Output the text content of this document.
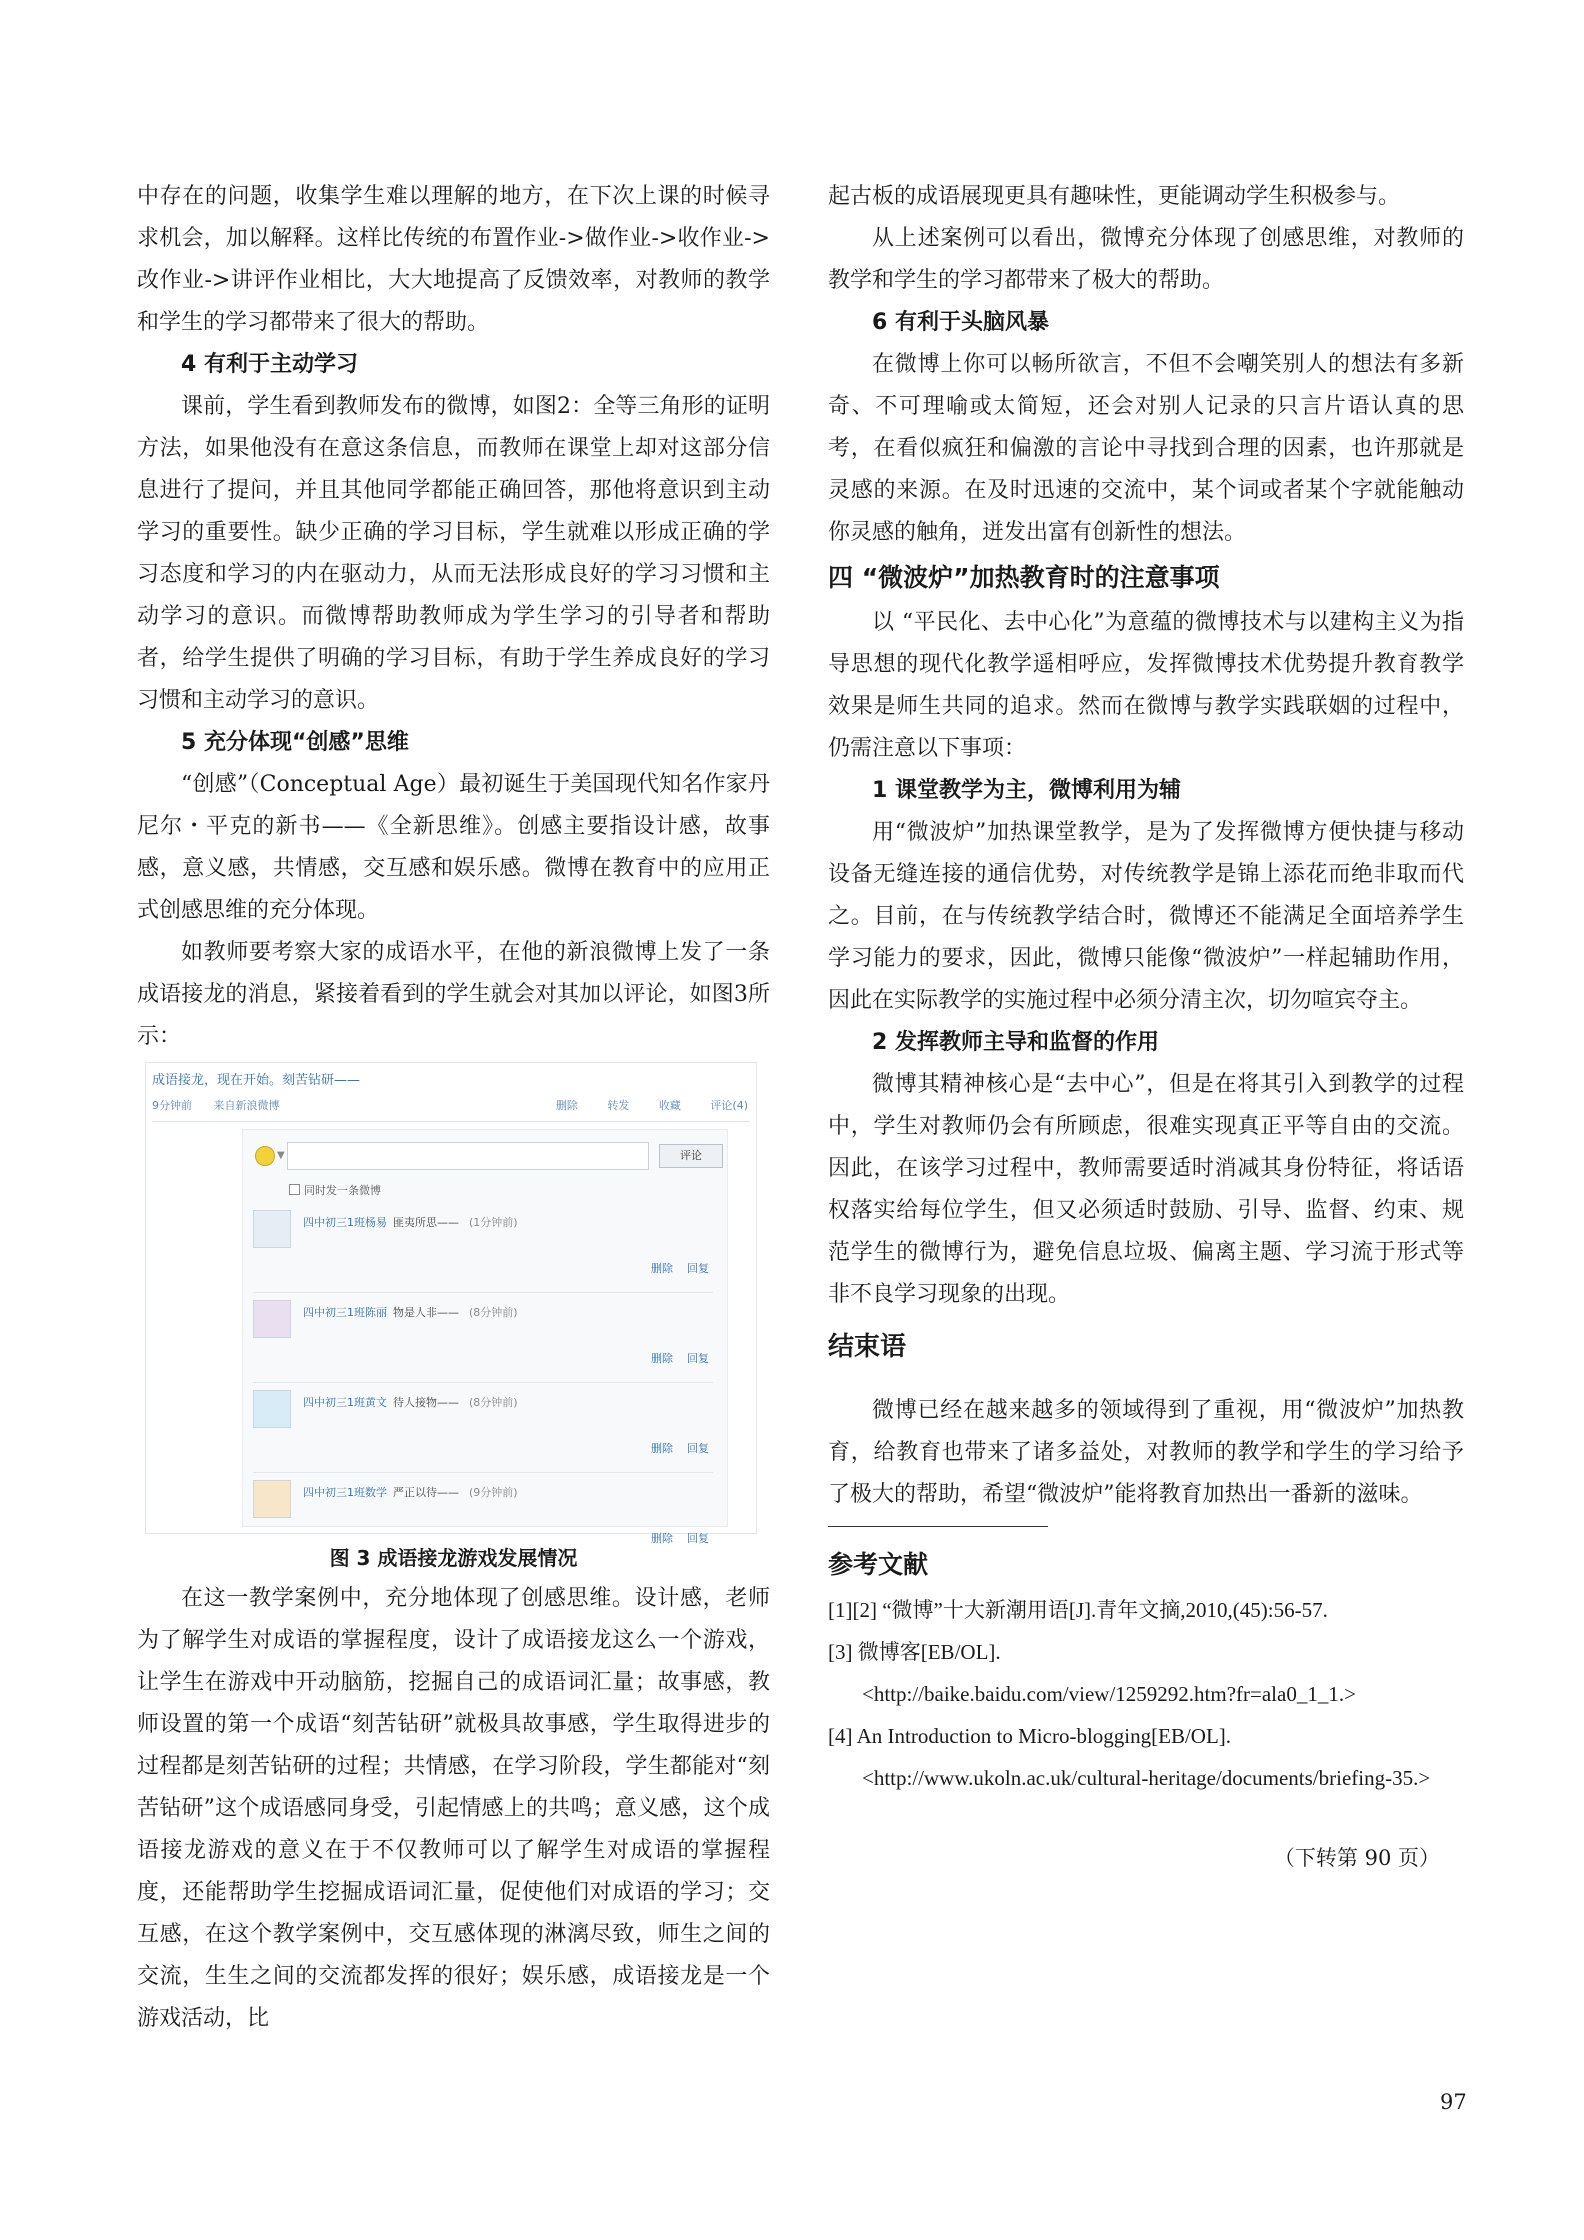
中存在的问题，收集学生难以理解的地方，在下次上课的时候寻求机会，加以解释。这样比传统的布置作业->做作业->收作业->改作业->讲评作业相比，大大地提高了反馈效率，对教师的教学和学生的学习都带来了很大的帮助。

4 有利于主动学习

课前，学生看到教师发布的微博，如图2：全等三角形的证明方法，如果他没有在意这条信息，而教师在课堂上却对这部分信息进行了提问，并且其他同学都能正确回答，那他将意识到主动学习的重要性。缺少正确的学习目标，学生就难以形成正确的学习态度和学习的内在驱动力，从而无法形成良好的学习习惯和主动学习的意识。而微博帮助教师成为学生学习的引导者和帮助者，给学生提供了明确的学习目标，有助于学生养成良好的学习习惯和主动学习的意识。

5 充分体现“创感”思维

“创感”（Conceptual Age）最初诞生于美国现代知名作家丹尼尔・平克的新书——《全新思维》。创感主要指设计感，故事感，意义感，共情感，交互感和娱乐感。微博在教育中的应用正式创感思维的充分体现。

如教师要考察大家的成语水平，在他的新浪微博上发了一条成语接龙的消息，紧接着看到的学生就会对其加以评论，如图3所示：

成语接龙，现在开始。刻苦钻研——
9分钟前 来自新浪微博	删除	转发	收藏	评论(4)
▼	评论
同时发一条微博
四中初三1班杨易 匪夷所思—— (1分钟前)
删除 回复
四中初三1班陈丽 物是人非—— (8分钟前)
删除 回复
四中初三1班黄文 待人接物—— (8分钟前)
删除 回复
四中初三1班数学 严正以待—— (9分钟前)
删除 回复

图 3 成语接龙游戏发展情况

在这一教学案例中，充分地体现了创感思维。设计感，老师为了解学生对成语的掌握程度，设计了成语接龙这么一个游戏，让学生在游戏中开动脑筋，挖掘自己的成语词汇量；故事感，教师设置的第一个成语“刻苦钻研”就极具故事感，学生取得进步的过程都是刻苦钻研的过程；共情感，在学习阶段，学生都能对“刻苦钻研”这个成语感同身受，引起情感上的共鸣；意义感，这个成语接龙游戏的意义在于不仅教师可以了解学生对成语的掌握程度，还能帮助学生挖掘成语词汇量，促使他们对成语的学习；交互感，在这个教学案例中，交互感体现的淋漓尽致，师生之间的交流，生生之间的交流都发挥的很好；娱乐感，成语接龙是一个游戏活动，比

起古板的成语展现更具有趣味性，更能调动学生积极参与。

从上述案例可以看出，微博充分体现了创感思维，对教师的教学和学生的学习都带来了极大的帮助。

6 有利于头脑风暴

在微博上你可以畅所欲言，不但不会嘲笑别人的想法有多新奇、不可理喻或太简短，还会对别人记录的只言片语认真的思考，在看似疯狂和偏激的言论中寻找到合理的因素，也许那就是灵感的来源。在及时迅速的交流中，某个词或者某个字就能触动你灵感的触角，迸发出富有创新性的想法。

四 “微波炉”加热教育时的注意事项

以 “平民化、去中心化”为意蕴的微博技术与以建构主义为指导思想的现代化教学遥相呼应，发挥微博技术优势提升教育教学效果是师生共同的追求。然而在微博与教学实践联姻的过程中，仍需注意以下事项：

1 课堂教学为主，微博利用为辅

用“微波炉”加热课堂教学，是为了发挥微博方便快捷与移动设备无缝连接的通信优势，对传统教学是锦上添花而绝非取而代之。目前，在与传统教学结合时，微博还不能满足全面培养学生学习能力的要求，因此，微博只能像“微波炉”一样起辅助作用，因此在实际教学的实施过程中必须分清主次，切勿喧宾夺主。

2 发挥教师主导和监督的作用

微博其精神核心是“去中心”，但是在将其引入到教学的过程中，学生对教师仍会有所顾虑，很难实现真正平等自由的交流。因此，在该学习过程中，教师需要适时消减其身份特征，将话语权落实给每位学生，但又必须适时鼓励、引导、监督、约束、规范学生的微博行为，避免信息垃圾、偏离主题、学习流于形式等非不良学习现象的出现。

结束语

微博已经在越来越多的领域得到了重视，用“微波炉”加热教育，给教育也带来了诸多益处，对教师的教学和学生的学习给予了极大的帮助，希望“微波炉”能将教育加热出一番新的滋味。

参考文献

[1][2] “微博”十大新潮用语[J].青年文摘,2010,(45):56-57.

[3] 微博客[EB/OL].

<http://baike.baidu.com/view/1259292.htm?fr=ala0_1_1.>

[4] An Introduction to Micro-blogging[EB/OL].

<http://www.ukoln.ac.uk/cultural-heritage/documents/briefing-35.>

（下转第 90 页）

97
